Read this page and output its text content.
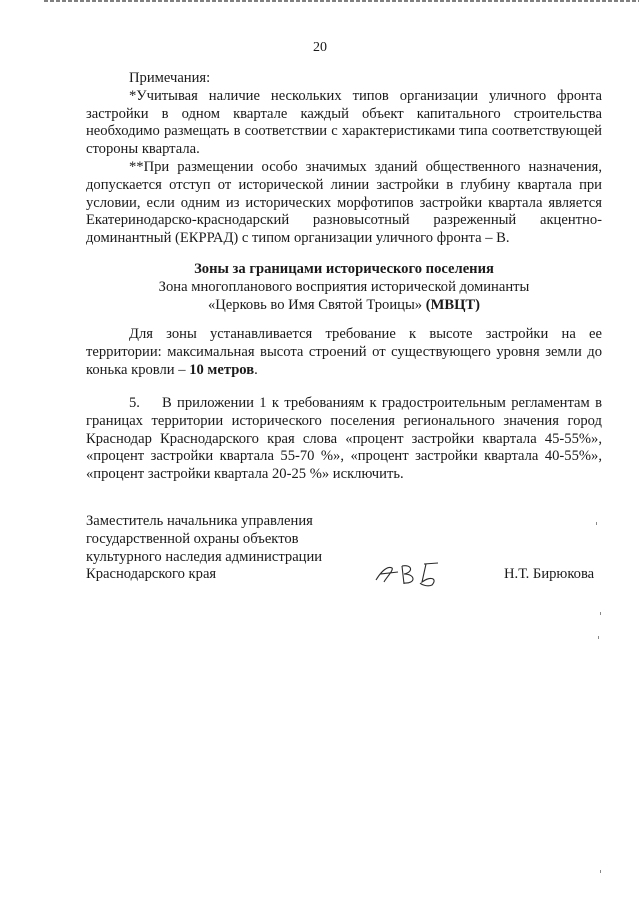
20

Примечания:

*Учитывая наличие нескольких типов организации уличного фронта застройки в одном квартале каждый объект капитального строительства необходимо размещать в соответствии с характеристиками типа соответствующей стороны квартала.

**При размещении особо значимых зданий общественного назначения, допускается отступ от исторической линии застройки в глубину квартала при условии, если одним из исторических морфотипов застройки квартала является Екатеринодарско-краснодарский разновысотный разреженный акцентно-доминантный (ЕКРРАД) с типом организации уличного фронта – В.

Зоны за границами исторического поселения
Зона многопланового восприятия исторической доминанты
«Церковь во Имя Святой Троицы» (МВЦТ)

Для зоны устанавливается требование к высоте застройки на ее территории: максимальная высота строений от существующего уровня земли до конька кровли – 10 метров.

5. В приложении 1 к требованиям к градостроительным регламентам в границах территории исторического поселения регионального значения город Краснодар Краснодарского края слова «процент застройки квартала 45-55%», «процент застройки квартала 55-70 %», «процент застройки квартала 40-55%», «процент застройки квартала 20-25 %» исключить.

Заместитель начальника управления
государственной охраны объектов
культурного наследия администрации
Краснодарского края	Н.Т. Бирюкова
